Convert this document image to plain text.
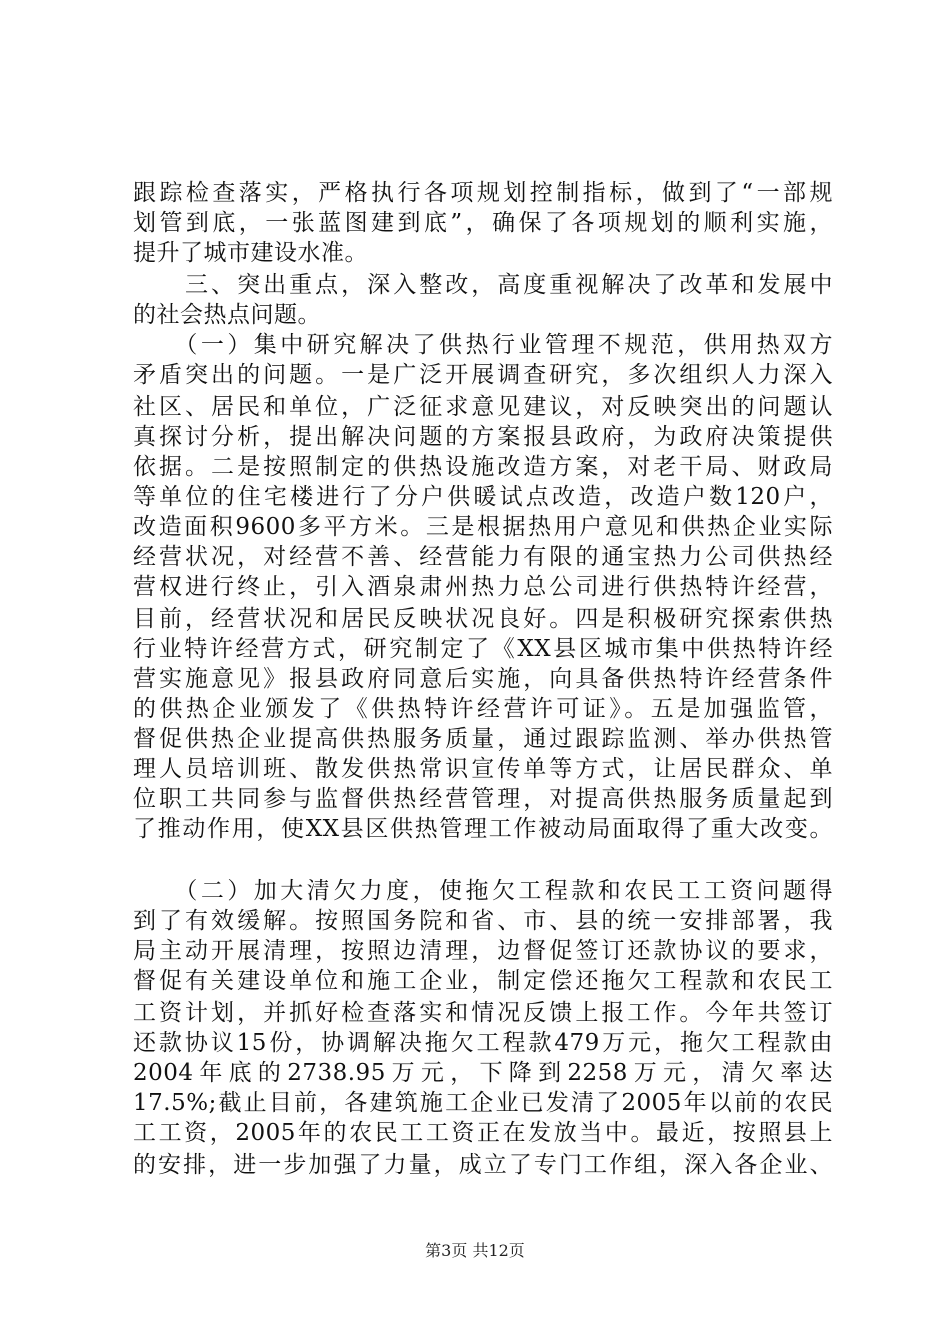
跟踪检查落实，严格执行各项规划控制指标，做到了“一部规
划管到底，一张蓝图建到底”，确保了各项规划的顺利实施，
提升了城市建设水准。
　　三、突出重点，深入整改，高度重视解决了改革和发展中
的社会热点问题。
　　（一）集中研究解决了供热行业管理不规范，供用热双方
矛盾突出的问题。一是广泛开展调查研究，多次组织人力深入
社区、居民和单位，广泛征求意见建议，对反映突出的问题认
真探讨分析，提出解决问题的方案报县政府，为政府决策提供
依据。二是按照制定的供热设施改造方案，对老干局、财政局
等单位的住宅楼进行了分户供暖试点改造，改造户数120户，
改造面积9600多平方米。三是根据热用户意见和供热企业实际
经营状况，对经营不善、经营能力有限的通宝热力公司供热经
营权进行终止，引入酒泉肃州热力总公司进行供热特许经营，
目前，经营状况和居民反映状况良好。四是积极研究探索供热
行业特许经营方式，研究制定了《XX县区城市集中供热特许经
营实施意见》报县政府同意后实施，向具备供热特许经营条件
的供热企业颁发了《供热特许经营许可证》。五是加强监管，
督促供热企业提高供热服务质量，通过跟踪监测、举办供热管
理人员培训班、散发供热常识宣传单等方式，让居民群众、单
位职工共同参与监督供热经营管理，对提高供热服务质量起到
了推动作用，使XX县区供热管理工作被动局面取得了重大改变。
　　（二）加大清欠力度，使拖欠工程款和农民工工资问题得
到了有效缓解。按照国务院和省、市、县的统一安排部署，我
局主动开展清理，按照边清理，边督促签订还款协议的要求，
督促有关建设单位和施工企业，制定偿还拖欠工程款和农民工
工资计划，并抓好检查落实和情况反馈上报工作。今年共签订
还款协议15份，协调解决拖欠工程款479万元，拖欠工程款由
2004年底的2738.95万元，下降到2258万元，清欠率达
17.5%;截止目前，各建筑施工企业已发清了2005年以前的农民
工工资，2005年的农民工工资正在发放当中。最近，按照县上
的安排，进一步加强了力量，成立了专门工作组，深入各企业、
第3页 共12页
